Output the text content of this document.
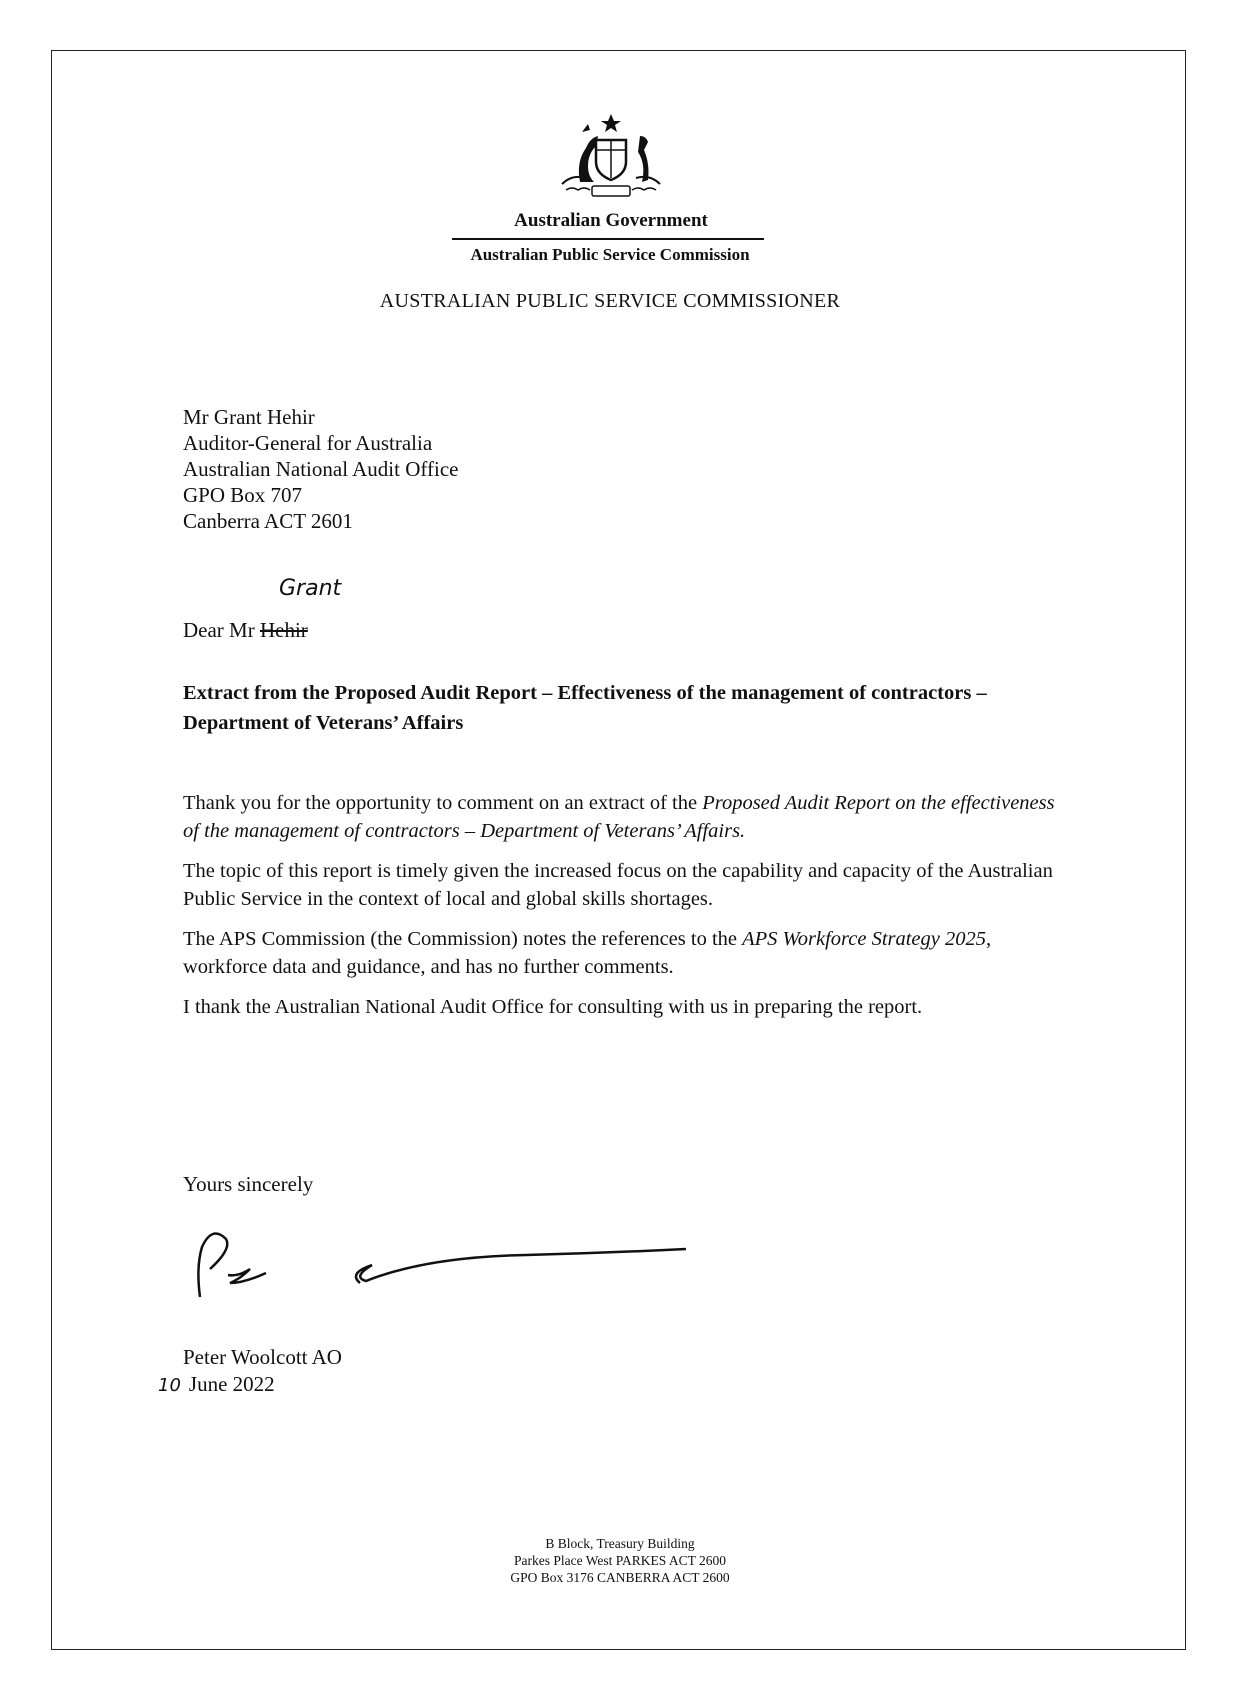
Australian Government
Australian Public Service Commission
AUSTRALIAN PUBLIC SERVICE COMMISSIONER
Mr Grant Hehir
Auditor-General for Australia
Australian National Audit Office
GPO Box 707
Canberra ACT 2601
Grant
Dear Mr Hehir
Extract from the Proposed Audit Report – Effectiveness of the management of contractors – Department of Veterans’ Affairs

Thank you for the opportunity to comment on an extract of the Proposed Audit Report on the effectiveness of the management of contractors – Department of Veterans’ Affairs.

The topic of this report is timely given the increased focus on the capability and capacity of the Australian Public Service in the context of local and global skills shortages.

The APS Commission (the Commission) notes the references to the APS Workforce Strategy 2025, workforce data and guidance, and has no further comments.

I thank the Australian National Audit Office for consulting with us in preparing the report.

Yours sincerely
Peter Woolcott AO
10 June 2022
B Block, Treasury Building
Parkes Place West PARKES ACT 2600
GPO Box 3176 CANBERRA ACT 2600
